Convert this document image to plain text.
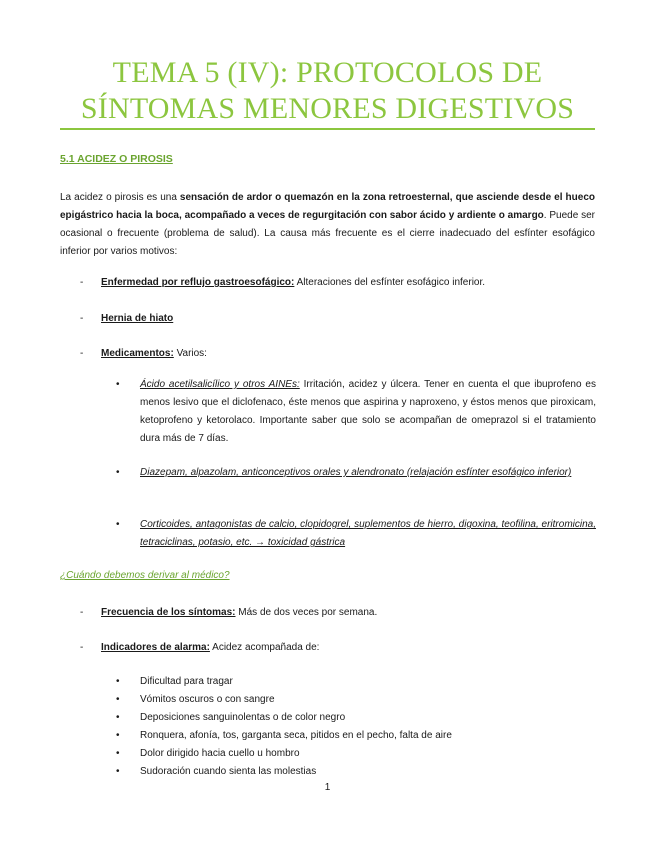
TEMA 5 (IV): PROTOCOLOS DE
SÍNTOMAS MENORES DIGESTIVOS
5.1 ACIDEZ O PIROSIS
La acidez o pirosis es una sensación de ardor o quemazón en la zona retroesternal, que asciende desde el hueco epigástrico hacia la boca, acompañado a veces de regurgitación con sabor ácido y ardiente o amargo. Puede ser ocasional o frecuente (problema de salud). La causa más frecuente es el cierre inadecuado del esfínter esofágico inferior por varios motivos:
- Enfermedad por reflujo gastroesofágico: Alteraciones del esfínter esofágico inferior.
- Hernia de hiato
- Medicamentos: Varios:
• Ácido acetilsalicílico y otros AINEs: Irritación, acidez y úlcera. Tener en cuenta el que ibuprofeno es menos lesivo que el diclofenaco, éste menos que aspirina y naproxeno, y éstos menos que piroxicam, ketoprofeno y ketorolaco. Importante saber que solo se acompañan de omeprazol si el tratamiento dura más de 7 días.
• Diazepam, alpazolam, anticonceptivos orales y alendronato (relajación esfínter esofágico inferior)
• Corticoides, antagonistas de calcio, clopidogrel, suplementos de hierro, digoxina, teofilina, eritromicina, tetraciclinas, potasio, etc. → toxicidad gástrica
¿Cuándo debemos derivar al médico?
- Frecuencia de los síntomas: Más de dos veces por semana.
- Indicadores de alarma: Acidez acompañada de:
• Dificultad para tragar
• Vómitos oscuros o con sangre
• Deposiciones sanguinolentas o de color negro
• Ronquera, afonía, tos, garganta seca, pitidos en el pecho, falta de aire
• Dolor dirigido hacia cuello u hombro
• Sudoración cuando sienta las molestias
1
